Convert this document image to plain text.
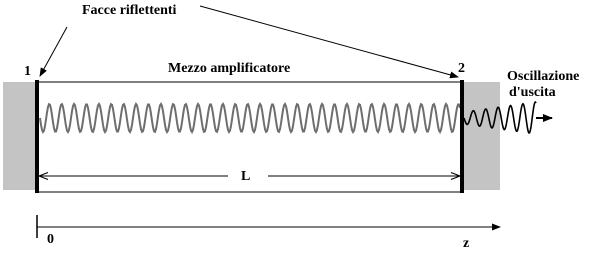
Facce riflettenti
1	2
Mezzo amplificatore
Oscillazione
d'uscita
L
0	z
